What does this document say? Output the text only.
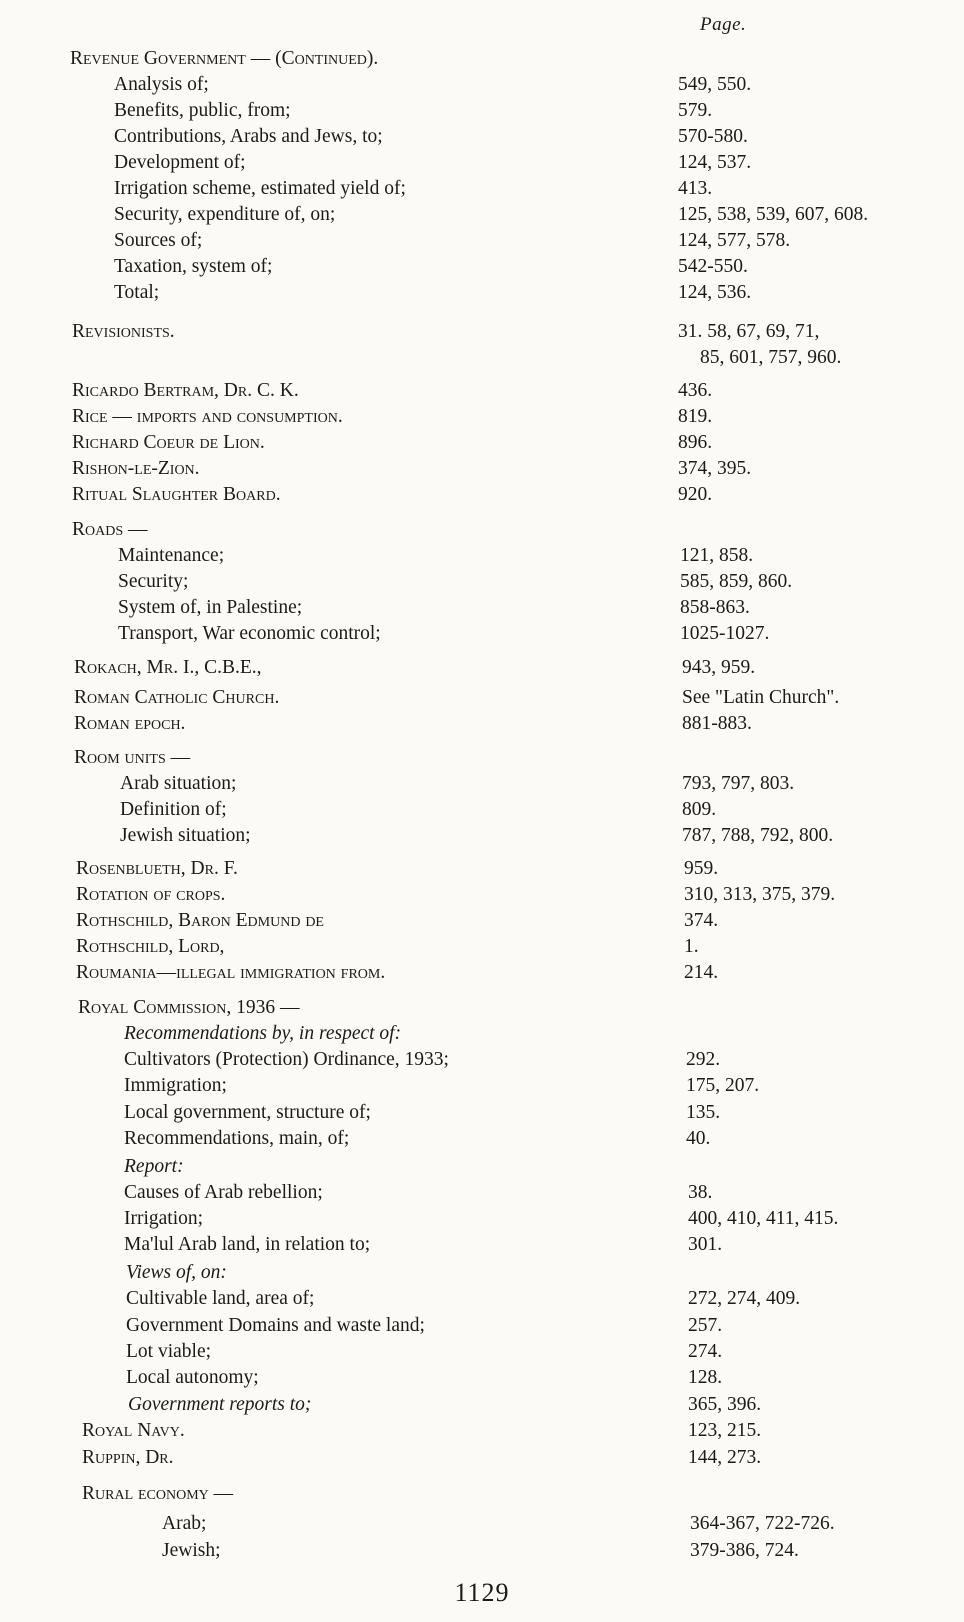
Page.
Revenue Government — (Continued).
Analysis of;	549, 550.
Benefits, public, from;	579.
Contributions, Arabs and Jews, to;	570-580.
Development of;	124, 537.
Irrigation scheme, estimated yield of;	413.
Security, expenditure of, on;	125, 538, 539, 607, 608.
Sources of;	124, 577, 578.
Taxation, system of;	542-550.
Total;	124, 536.
Revisionists.	31. 58, 67, 69, 71,
85, 601, 757, 960.
Ricardo Bertram, Dr. C. K.	436.
Rice — imports and consumption.	819.
Richard Coeur de Lion.	896.
Rishon-le-Zion.	374, 395.
Ritual Slaughter Board.	920.
Roads —
Maintenance;	121, 858.
Security;	585, 859, 860.
System of, in Palestine;	858-863.
Transport, War economic control;	1025-1027.
Rokach, Mr. I., C.B.E.,	943, 959.
Roman Catholic Church.	See "Latin Church".
Roman epoch.	881-883.
Room units —
Arab situation;	793, 797, 803.
Definition of;	809.
Jewish situation;	787, 788, 792, 800.
Rosenblueth, Dr. F.	959.
Rotation of crops.	310, 313, 375, 379.
Rothschild, Baron Edmund de	374.
Rothschild, Lord,	1.
Roumania—illegal immigration from.	214.
Royal Commission, 1936 —
Recommendations by, in respect of:
Cultivators (Protection) Ordinance, 1933;	292.
Immigration;	175, 207.
Local government, structure of;	135.
Recommendations, main, of;	40.
Report:
Causes of Arab rebellion;	38.
Irrigation;	400, 410, 411, 415.
Ma'lul Arab land, in relation to;	301.
Views of, on:
Cultivable land, area of;	272, 274, 409.
Government Domains and waste land;	257.
Lot viable;	274.
Local autonomy;	128.
Government reports to;	365, 396.
Royal Navy.	123, 215.
Ruppin, Dr.	144, 273.
Rural economy —
Arab;	364-367, 722-726.
Jewish;	379-386, 724.
1129
